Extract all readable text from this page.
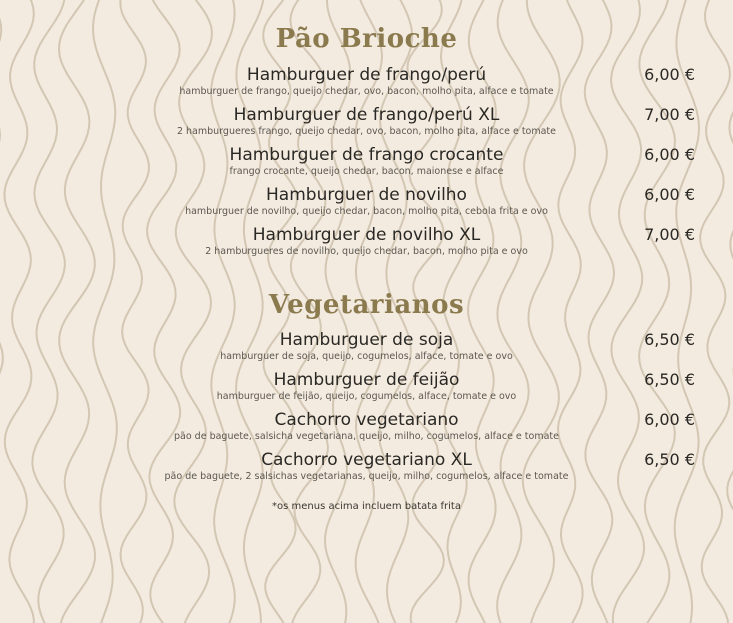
Pão Brioche
Hamburguer de frango/perú
hamburguer de frango, queijo chedar, ovo, bacon, molho pita, alface e tomate
6,00 €
Hamburguer de frango/perú XL
2 hamburgueres frango, queijo chedar, ovo, bacon, molho pita, alface e tomate
7,00 €
Hamburguer de frango crocante
frango crocante, queijo chedar, bacon, maionese e alface
6,00 €
Hamburguer de novilho
hamburguer de novilho, queijo chedar, bacon, molho pita, cebola frita e ovo
6,00 €
Hamburguer de novilho XL
2 hamburgueres de novilho, queijo chedar, bacon, molho pita e ovo
7,00 €
Vegetarianos
Hamburguer de soja
hamburguer de soja, queijo, cogumelos, alface, tomate e ovo
6,50 €
Hamburguer de feijão
hamburguer de feijão, queijo, cogumelos, alface, tomate e ovo
6,50 €
Cachorro vegetariano
pão de baguete, salsicha vegetariana, queijo, milho, cogumelos, alface e tomate
6,00 €
Cachorro vegetariano XL
pão de baguete, 2 salsichas vegetarianas, queijo, milho, cogumelos, alface e tomate
6,50 €
*os menus acima incluem batata frita
